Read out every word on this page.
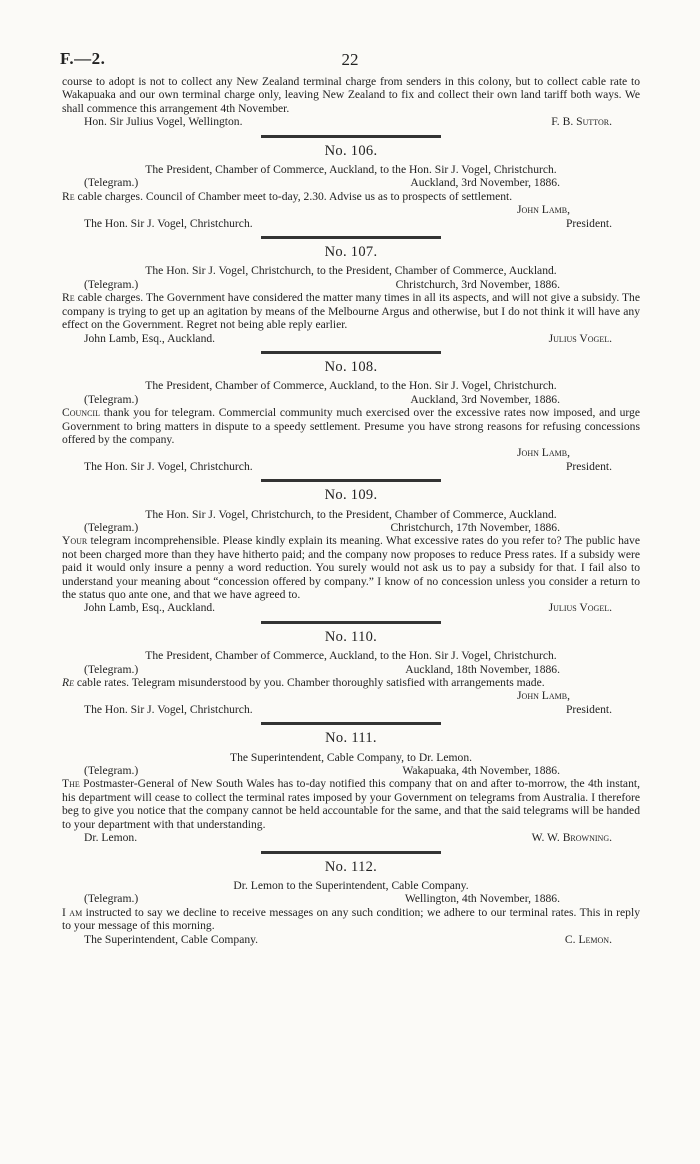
F.—2.	22

course to adopt is not to collect any New Zealand terminal charge from senders in this colony, but to collect cable rate to Wakapuaka and our own terminal charge only, leaving New Zealand to fix and collect their own land tariff both ways. We shall commence this arrangement 4th November.

Hon. Sir Julius Vogel, Wellington.	F. B. Suttor.
No. 106.
The President, Chamber of Commerce, Auckland, to the Hon. Sir J. Vogel, Christchurch.
(Telegram.)	Auckland, 3rd November, 1886.

Re cable charges. Council of Chamber meet to-day, 2.30. Advise us as to prospects of settlement.

John Lamb,
The Hon. Sir J. Vogel, Christchurch.	President.
No. 107.
The Hon. Sir J. Vogel, Christchurch, to the President, Chamber of Commerce, Auckland.
(Telegram.)	Christchurch, 3rd November, 1886.

Re cable charges. The Government have considered the matter many times in all its aspects, and will not give a subsidy. The company is trying to get up an agitation by means of the Melbourne Argus and otherwise, but I do not think it will have any effect on the Government. Regret not being able reply earlier.

John Lamb, Esq., Auckland.	Julius Vogel.
No. 108.
The President, Chamber of Commerce, Auckland, to the Hon. Sir J. Vogel, Christchurch.
(Telegram.)	Auckland, 3rd November, 1886.

Council thank you for telegram. Commercial community much exercised over the excessive rates now imposed, and urge Government to bring matters in dispute to a speedy settlement. Presume you have strong reasons for refusing concessions offered by the company.

John Lamb,
The Hon. Sir J. Vogel, Christchurch.	President.
No. 109.
The Hon. Sir J. Vogel, Christchurch, to the President, Chamber of Commerce, Auckland.
(Telegram.)	Christchurch, 17th November, 1886.

Your telegram incomprehensible. Please kindly explain its meaning. What excessive rates do you refer to? The public have not been charged more than they have hitherto paid; and the company now proposes to reduce Press rates. If a subsidy were paid it would only insure a penny a word reduction. You surely would not ask us to pay a subsidy for that. I fail also to understand your meaning about “concession offered by company.” I know of no concession unless you consider a return to the status quo ante one, and that we have agreed to.

John Lamb, Esq., Auckland.	Julius Vogel.
No. 110.
The President, Chamber of Commerce, Auckland, to the Hon. Sir J. Vogel, Christchurch.
(Telegram.)	Auckland, 18th November, 1886.

Re cable rates. Telegram misunderstood by you. Chamber thoroughly satisfied with arrangements made.

John Lamb,
The Hon. Sir J. Vogel, Christchurch.	President.
No. 111.
The Superintendent, Cable Company, to Dr. Lemon.
(Telegram.)	Wakapuaka, 4th November, 1886.

The Postmaster-General of New South Wales has to-day notified this company that on and after to-morrow, the 4th instant, his department will cease to collect the terminal rates imposed by your Government on telegrams from Australia. I therefore beg to give you notice that the company cannot be held accountable for the same, and that the said telegrams will be handed to your department with that understanding.

Dr. Lemon.	W. W. Browning.
No. 112.
Dr. Lemon to the Superintendent, Cable Company.
(Telegram.)	Wellington, 4th November, 1886.

I am instructed to say we decline to receive messages on any such condition; we adhere to our terminal rates. This in reply to your message of this morning.

The Superintendent, Cable Company.	C. Lemon.
